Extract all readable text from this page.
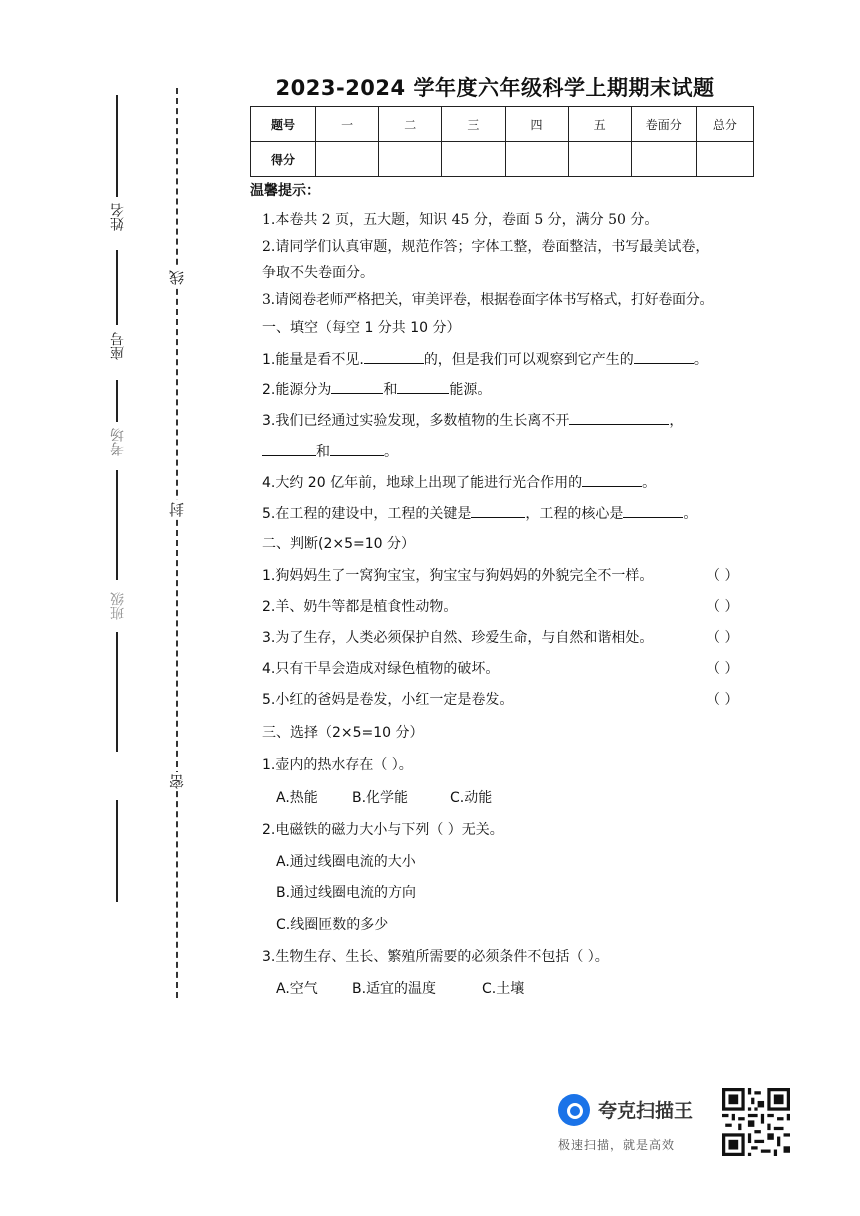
线
封
密
姓名
座号
考场
班级
2023-2024 学年度六年级科学上期期末试题
题号	一	二	三	四	五	卷面分	总分
得分							
温馨提示：
1.本卷共 2 页，五大题，知识 45 分，卷面 5 分，满分 50 分。
2.请同学们认真审题，规范作答；字体工整，卷面整洁，书写最美试卷，
争取不失卷面分。
3.请阅卷老师严格把关，审美评卷，根据卷面字体书写格式，打好卷面分。
一、填空（每空 1 分共 10 分）
1.能量是看不见.	的，但是我们可以观察到它产生的	。
2.能源分为	和	能源。
3.我们已经通过实验发现，多数植物的生长离不开	，
和	。
4.大约 20 亿年前，地球上出现了能进行光合作用的	。
5.在工程的建设中，工程的关键是	，工程的核心是	。
二、判断(2×5=10 分）
1.狗妈妈生了一窝狗宝宝，狗宝宝与狗妈妈的外貌完全不一样。	（ ）
2.羊、奶牛等都是植食性动物。	（ ）
3.为了生存，人类必须保护自然、珍爱生命，与自然和谐相处。	（ ）
4.只有干旱会造成对绿色植物的破坏。	（ ）
5.小红的爸妈是卷发，小红一定是卷发。	（ ）
三、选择（2×5=10 分）
1.壶内的热水存在（ ）。
A.热能 B.化学能	C.动能
2.电磁铁的磁力大小与下列（ ）无关。
A.通过线圈电流的大小
B.通过线圈电流的方向
C.线圈匝数的多少
3.生物生存、生长、繁殖所需要的必须条件不包括（ ）。
A.空气 B.适宜的温度	C.土壤
夸克扫描王
极速扫描，就是高效
